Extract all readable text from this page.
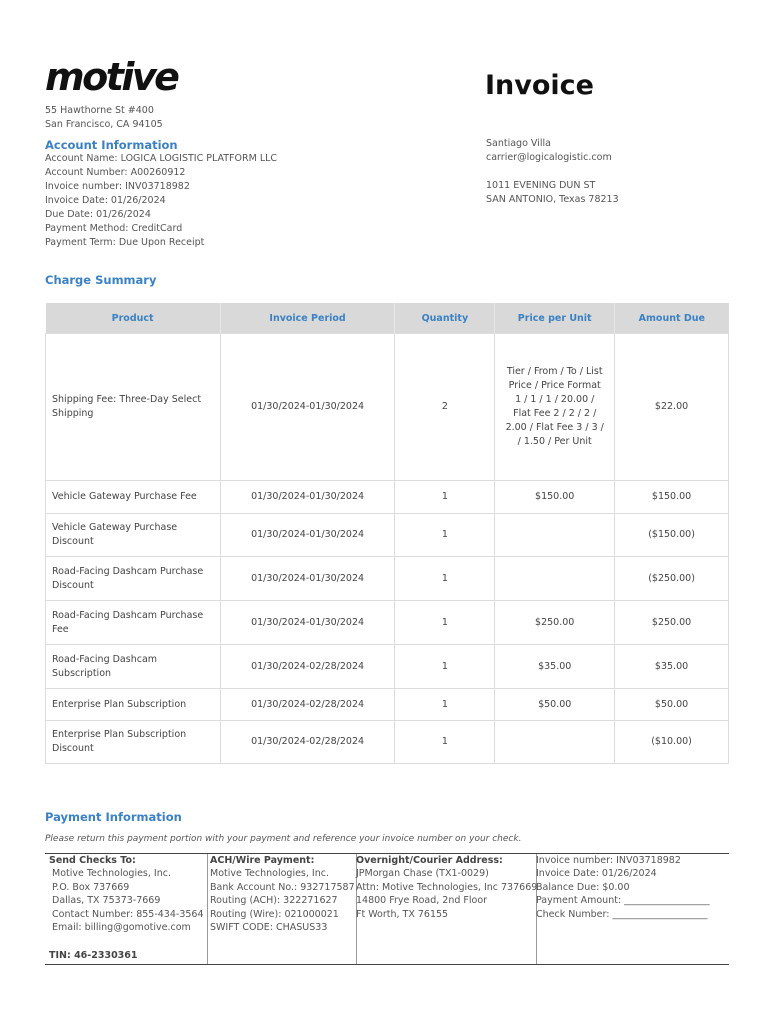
motive
55 Hawthorne St #400
San Francisco, CA 94105
Invoice
Account Information
Account Name: LOGICA LOGISTIC PLATFORM LLC
Account Number: A00260912
Invoice number: INV03718982
Invoice Date: 01/26/2024
Due Date: 01/26/2024
Payment Method: CreditCard
Payment Term: Due Upon Receipt
Santiago Villa
carrier@logicalogistic.com
1011 EVENING DUN ST
SAN ANTONIO, Texas 78213
Charge Summary
Product	Invoice Period	Quantity	Price per Unit	Amount Due
Shipping Fee: Three-Day Select Shipping	01/30/2024-01/30/2024	2	Tier / From / To / List Price / Price Format 1 / 1 / 1 / 20.00 / Flat Fee 2 / 2 / 2 / 2.00 / Flat Fee 3 / 3 / / 1.50 / Per Unit	$22.00
Vehicle Gateway Purchase Fee	01/30/2024-01/30/2024	1	$150.00	$150.00
Vehicle Gateway Purchase Discount	01/30/2024-01/30/2024	1		($150.00)
Road-Facing Dashcam Purchase Discount	01/30/2024-01/30/2024	1		($250.00)
Road-Facing Dashcam Purchase Fee	01/30/2024-01/30/2024	1	$250.00	$250.00
Road-Facing Dashcam Subscription	01/30/2024-02/28/2024	1	$35.00	$35.00
Enterprise Plan Subscription	01/30/2024-02/28/2024	1	$50.00	$50.00
Enterprise Plan Subscription Discount	01/30/2024-02/28/2024	1		($10.00)
Payment Information
Please return this payment portion with your payment and reference your invoice number on your check.
Send Checks To:
Motive Technologies, Inc.
P.O. Box 737669
Dallas, TX 75373-7669
Contact Number: 855-434-3564
Email: billing@gomotive.com
TIN: 46-2330361
ACH/Wire Payment:
Motive Technologies, Inc.
Bank Account No.: 932717587
Routing (ACH): 322271627
Routing (Wire): 021000021
SWIFT CODE: CHASUS33
Overnight/Courier Address:
JPMorgan Chase (TX1-0029)
Attn: Motive Technologies, Inc 737669
14800 Frye Road, 2nd Floor
Ft Worth, TX 76155
Invoice number: INV03718982
Invoice Date: 01/26/2024
Balance Due: $0.00
Payment Amount: __________________
Check Number: ____________________
